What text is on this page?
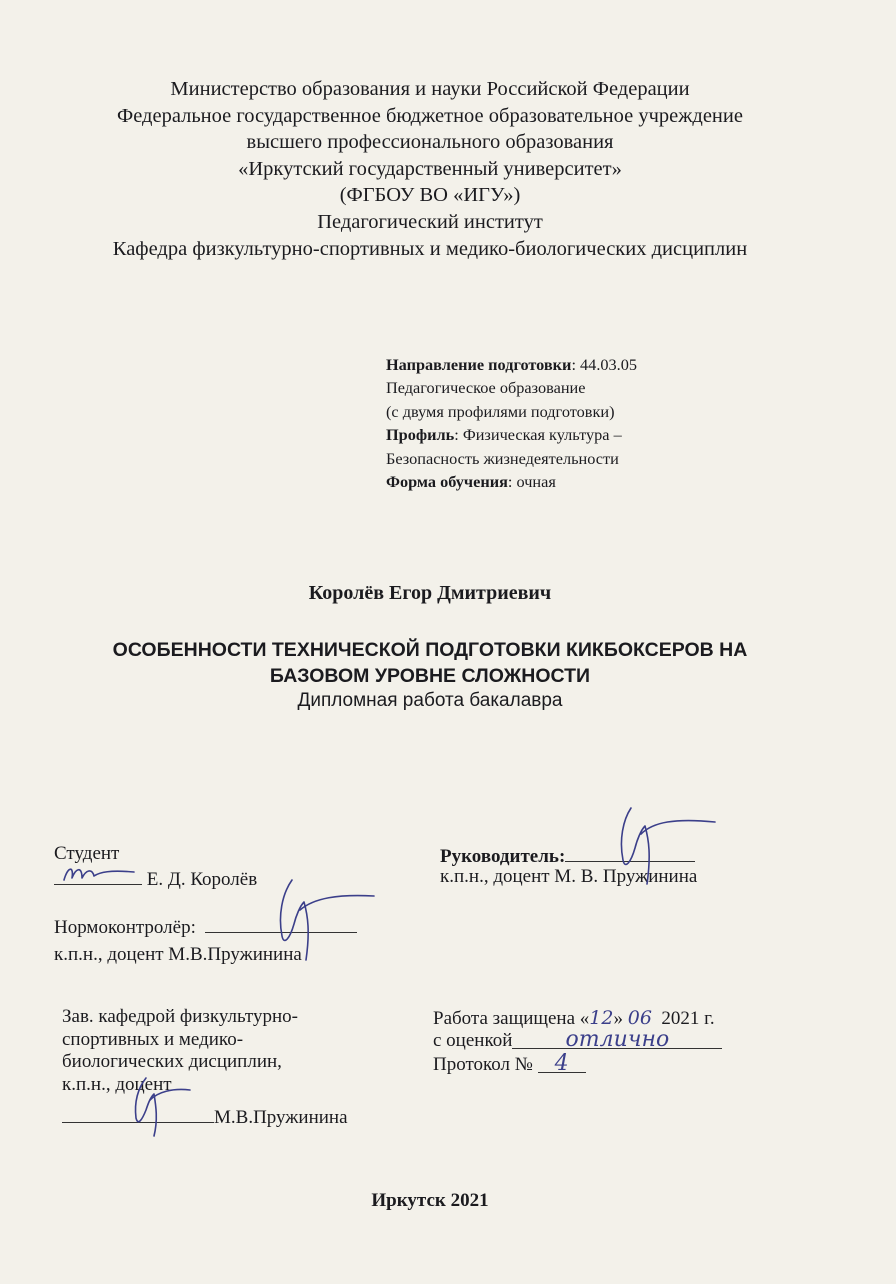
Министерство образования и науки Российской Федерации
Федеральное государственное бюджетное образовательное учреждение
высшего профессионального образования
«Иркутский государственный университет»
(ФГБОУ ВО «ИГУ»)
Педагогический институт
Кафедра физкультурно-спортивных и медико-биологических дисциплин
Направление подготовки: 44.03.05
Педагогическое образование
(с двумя профилями подготовки)
Профиль: Физическая культура –
Безопасность жизнедеятельности
Форма обучения: очная
Королёв Егор Дмитриевич
ОСОБЕННОСТИ ТЕХНИЧЕСКОЙ ПОДГОТОВКИ КИКБОКСЕРОВ НА
БАЗОВОМ УРОВНЕ СЛОЖНОСТИ
Дипломная работа бакалавра
Студент
Е. Д. Королёв
Руководитель:
к.п.н., доцент М. В. Пружинина
Нормоконтролёр:
к.п.н., доцент М.В.Пружинина
Зав. кафедрой физкультурно-
спортивных и медико-
биологических дисциплин,
к.п.н., доцент
М.В.Пружинина
Работа защищена «12» 06 2021 г.
с оценкой отлично
Протокол № 4
Иркутск 2021
